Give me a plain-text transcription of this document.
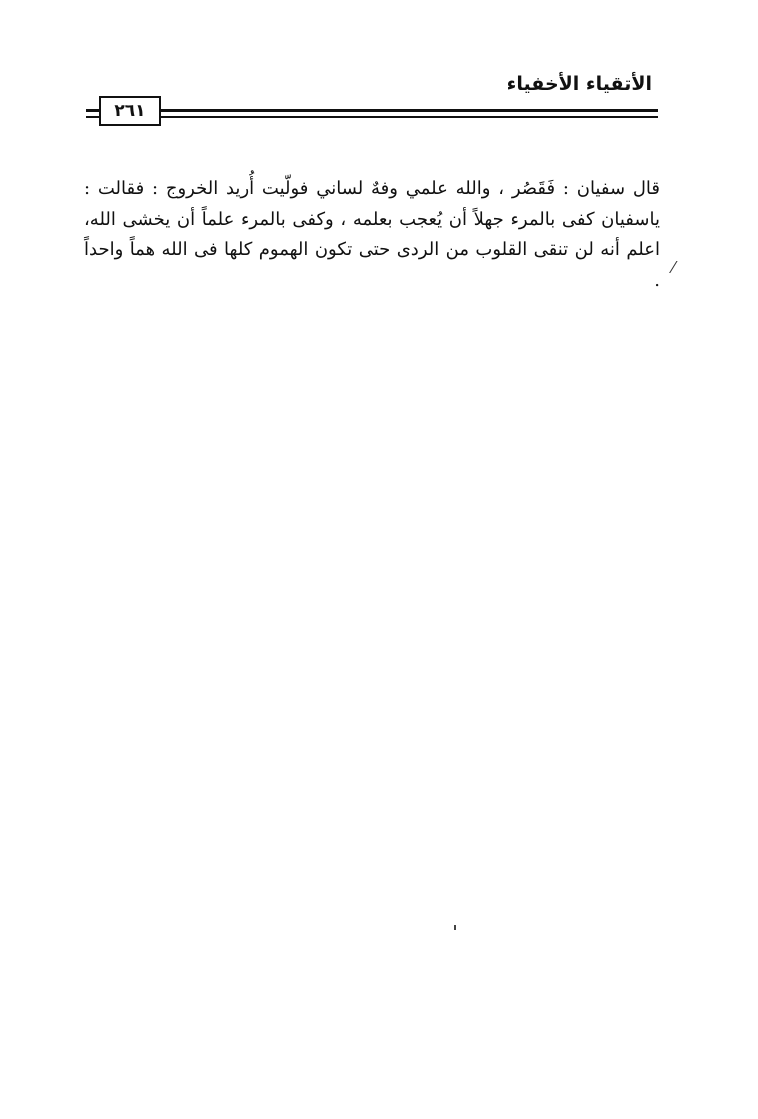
الأتقياء الأخفياء
٢٦١

قال سفيان : فَقَصُر ، والله علمي وفهٌ لساني فولّيت أُريد الخروج : فقالت : ياسفيان كفى بالمرء جهلاً أن يُعجب بعلمه ، وكفى بالمرء علماً أن يخشى الله، اعلم أنه لن تنقى القلوب من الردى حتى تكون الهموم كلها فى الله هماً واحداً .

⁄
